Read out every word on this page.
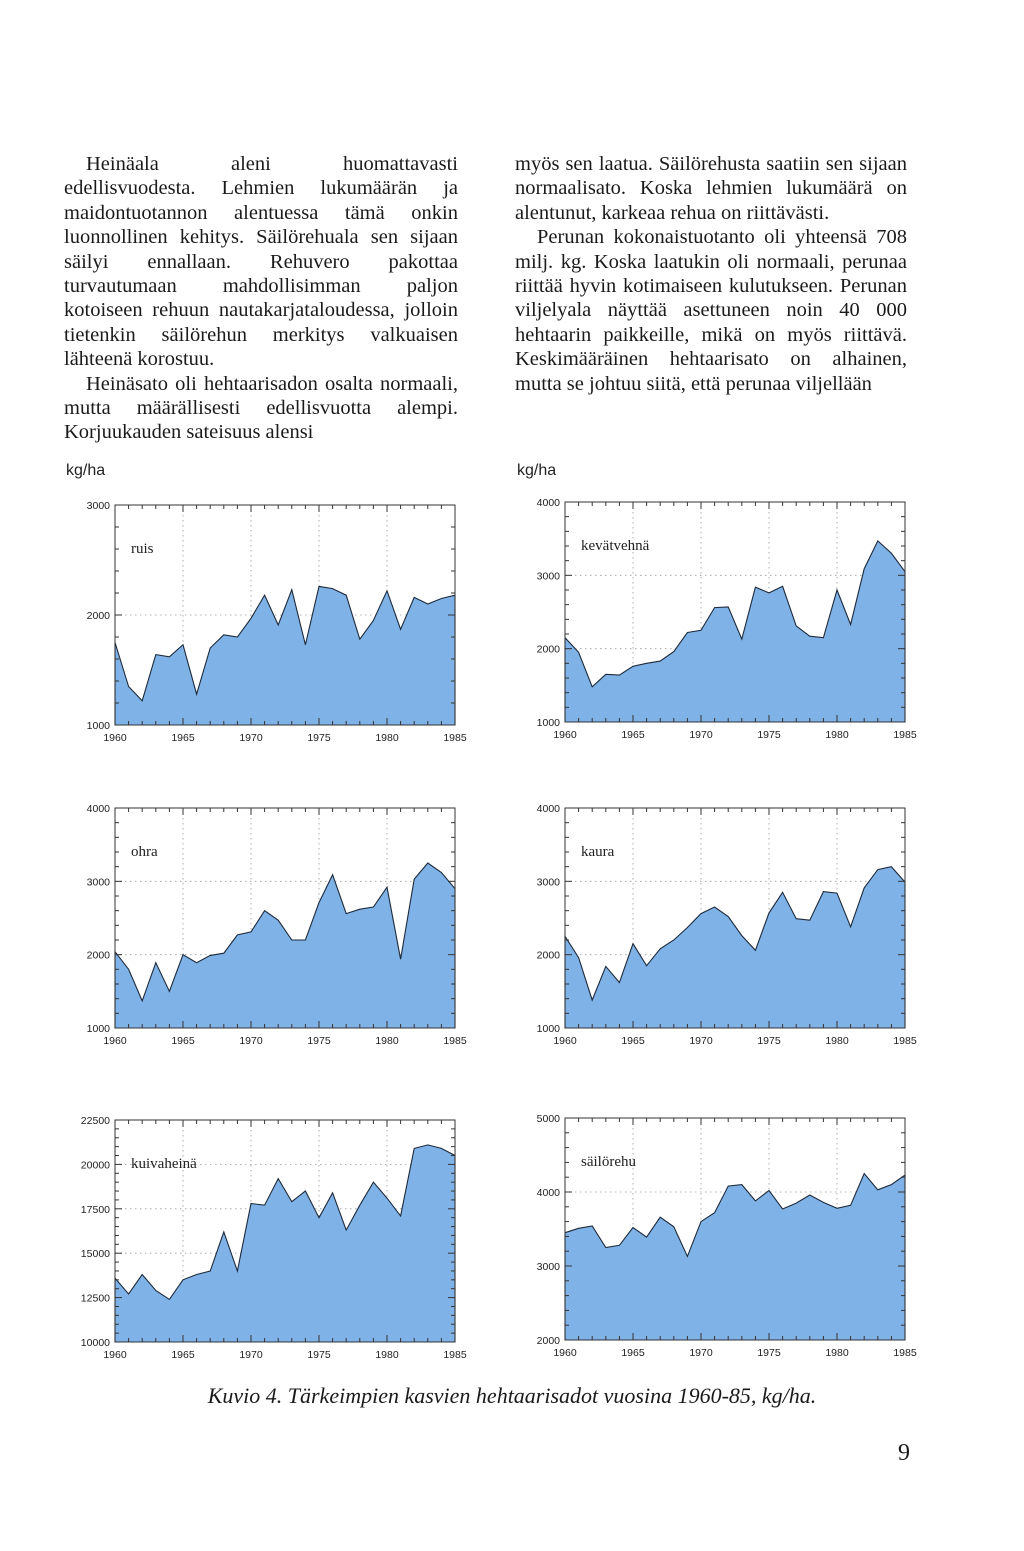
Heinäala aleni huomattavasti edellisvuodesta. Lehmien lukumäärän ja maidontuotannon alentuessa tämä onkin luonnollinen kehitys. Säilörehuala sen sijaan säilyi ennallaan. Rehuvero pakottaa turvautumaan mahdollisimman paljon kotoiseen rehuun nautakarjataloudessa, jolloin tietenkin säilörehun merkitys valkuaisen lähteenä korostuu.

Heinäsato oli hehtaarisadon osalta normaali, mutta määrällisesti edellisvuotta alempi. Korjuukauden sateisuus alensi

myös sen laatua. Säilörehusta saatiin sen sijaan normaalisato. Koska lehmien lukumäärä on alentunut, karkeaa rehua on riittävästi.

Perunan kokonaistuotanto oli yhteensä 708 milj. kg. Koska laatukin oli normaali, perunaa riittää hyvin kotimaiseen kulutukseen. Perunan viljelyala näyttää asettuneen noin 40 000 hehtaarin paikkeille, mikä on myös riittävä. Keskimääräinen hehtaarisato on alhainen, mutta se johtuu siitä, että perunaa viljellään

kg/ha	kg/ha
1000
2000
3000
1960	1965	1970	1975	1980	1985
ruis
1000
2000
3000
4000
1960	1965	1970	1975	1980	1985
kevätvehnä
1000
2000
3000
4000
1960	1965	1970	1975	1980	1985
ohra
1000
2000
3000
4000
1960	1965	1970	1975	1980	1985
kaura
10000
12500
15000
17500
20000
22500
1960	1965	1970	1975	1980	1985
kuivaheinä
2000
3000
4000
5000
1960	1965	1970	1975	1980	1985
säilörehu
Kuvio 4. Tärkeimpien kasvien hehtaarisadot vuosina 1960-85, kg/ha.
9
